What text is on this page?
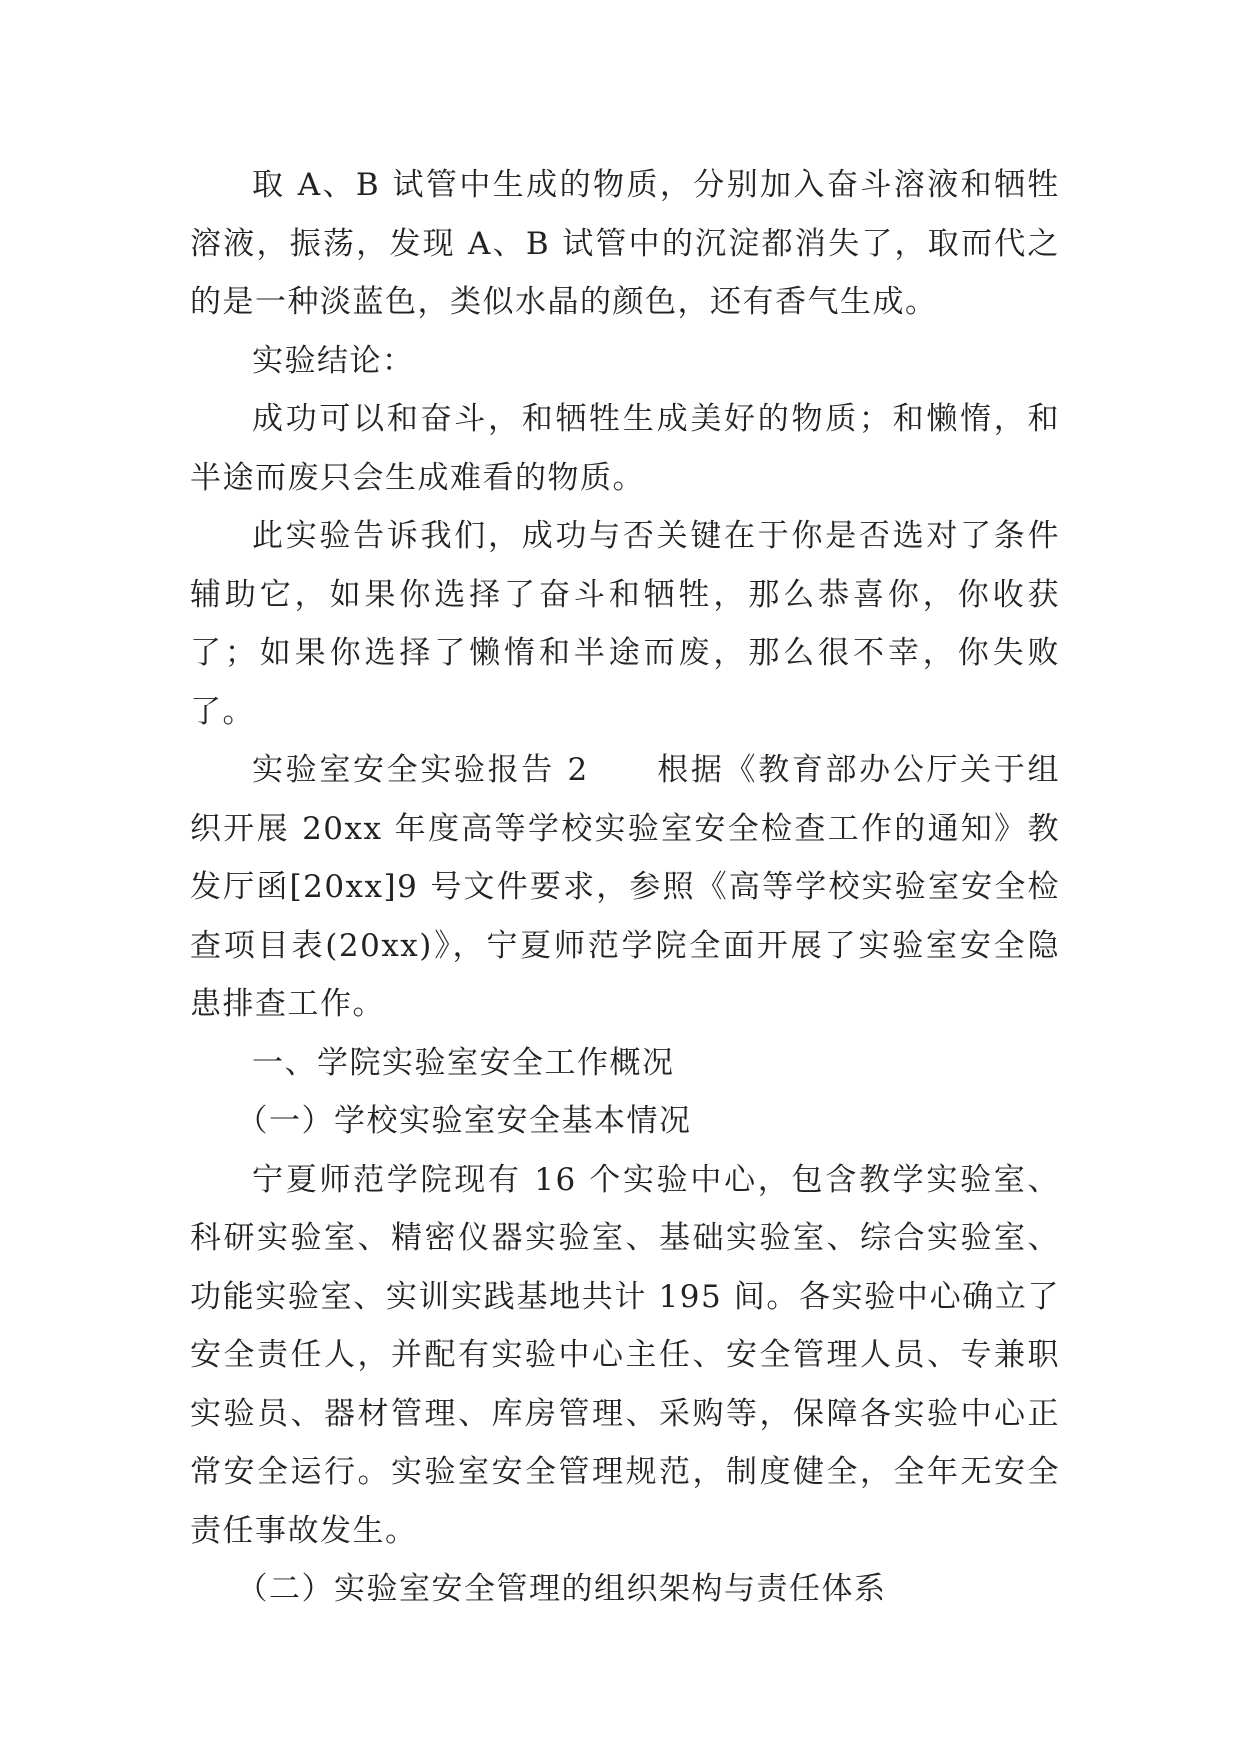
取 A、B 试管中生成的物质，分别加入奋斗溶液和牺牲溶液，振荡，发现 A、B 试管中的沉淀都消失了，取而代之的是一种淡蓝色，类似水晶的颜色，还有香气生成。

实验结论：

成功可以和奋斗，和牺牲生成美好的物质；和懒惰，和半途而废只会生成难看的物质。

此实验告诉我们，成功与否关键在于你是否选对了条件辅助它，如果你选择了奋斗和牺牲，那么恭喜你，你收获了；如果你选择了懒惰和半途而废，那么很不幸，你失败了。

实验室安全实验报告 2　　根据《教育部办公厅关于组织开展 20xx 年度高等学校实验室安全检查工作的通知》教发厅函[20xx]9 号文件要求，参照《高等学校实验室安全检查项目表(20xx)》，宁夏师范学院全面开展了实验室安全隐患排查工作。

一、学院实验室安全工作概况

（一）学校实验室安全基本情况

宁夏师范学院现有 16 个实验中心，包含教学实验室、科研实验室、精密仪器实验室、基础实验室、综合实验室、功能实验室、实训实践基地共计 195 间。各实验中心确立了安全责任人，并配有实验中心主任、安全管理人员、专兼职实验员、器材管理、库房管理、采购等，保障各实验中心正常安全运行。实验室安全管理规范，制度健全，全年无安全责任事故发生。

（二）实验室安全管理的组织架构与责任体系
